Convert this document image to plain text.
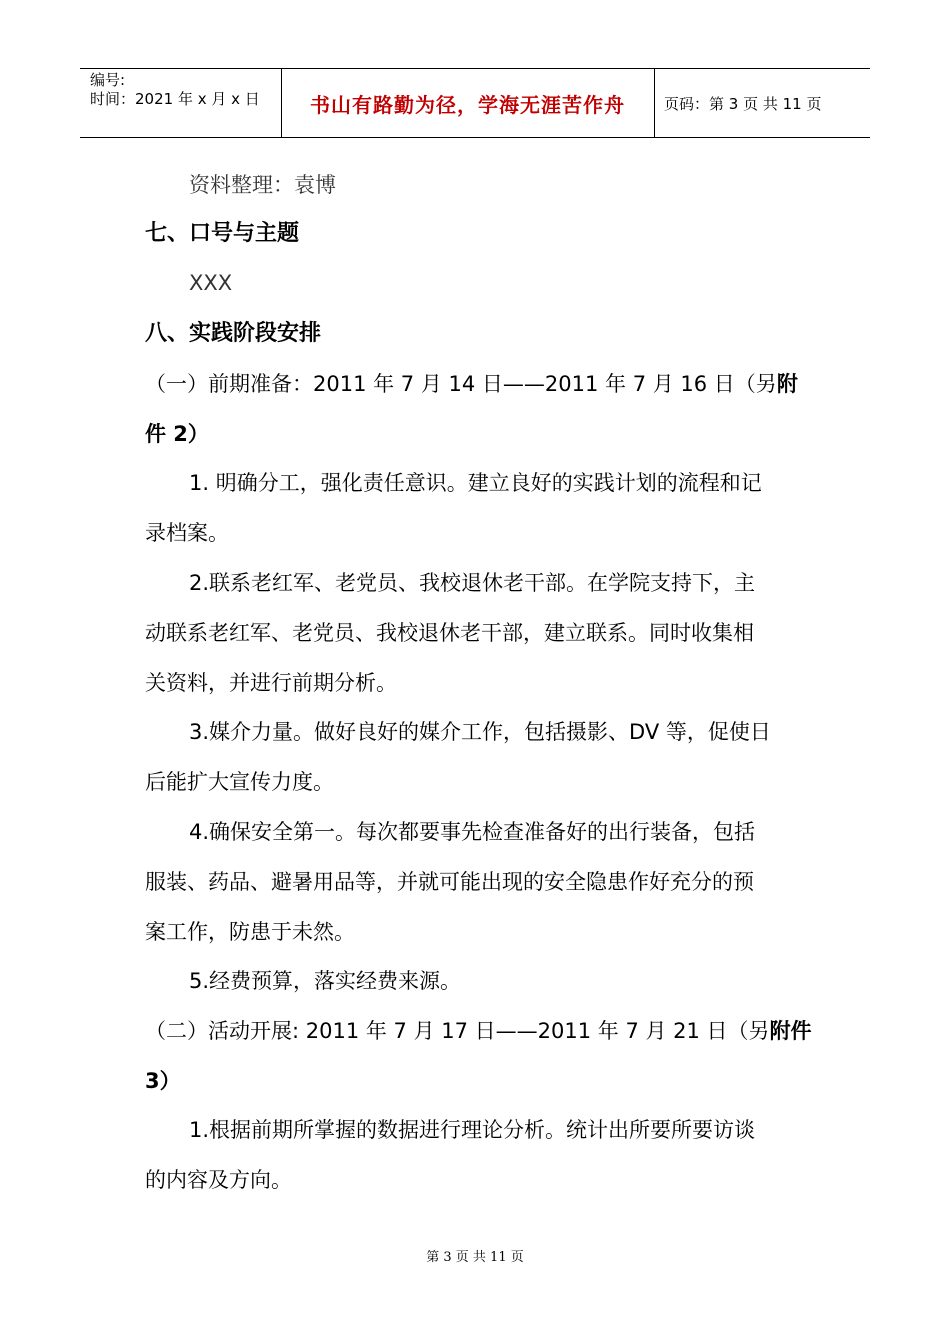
编号:
时间：2021 年 x 月 x 日	书山有路勤为径，学海无涯苦作舟	页码：第 3 页 共 11 页
资料整理：袁博
七、口号与主题
XXX
八、实践阶段安排
（一）前期准备：2011 年 7 月 14 日——2011 年 7 月 16 日（另附
件 2）
1. 明确分工，强化责任意识。建立良好的实践计划的流程和记
录档案。
2.联系老红军、老党员、我校退休老干部。在学院支持下，主
动联系老红军、老党员、我校退休老干部，建立联系。同时收集相
关资料，并进行前期分析。
3.媒介力量。做好良好的媒介工作，包括摄影、DV 等，促使日
后能扩大宣传力度。
4.确保安全第一。每次都要事先检查准备好的出行装备，包括
服装、药品、避暑用品等，并就可能出现的安全隐患作好充分的预
案工作，防患于未然。
5.经费预算，落实经费来源。
（二）活动开展: 2011 年 7 月 17 日——2011 年 7 月 21 日（另附件
3）
1.根据前期所掌握的数据进行理论分析。统计出所要所要访谈
的内容及方向。
第 3 页 共 11 页
